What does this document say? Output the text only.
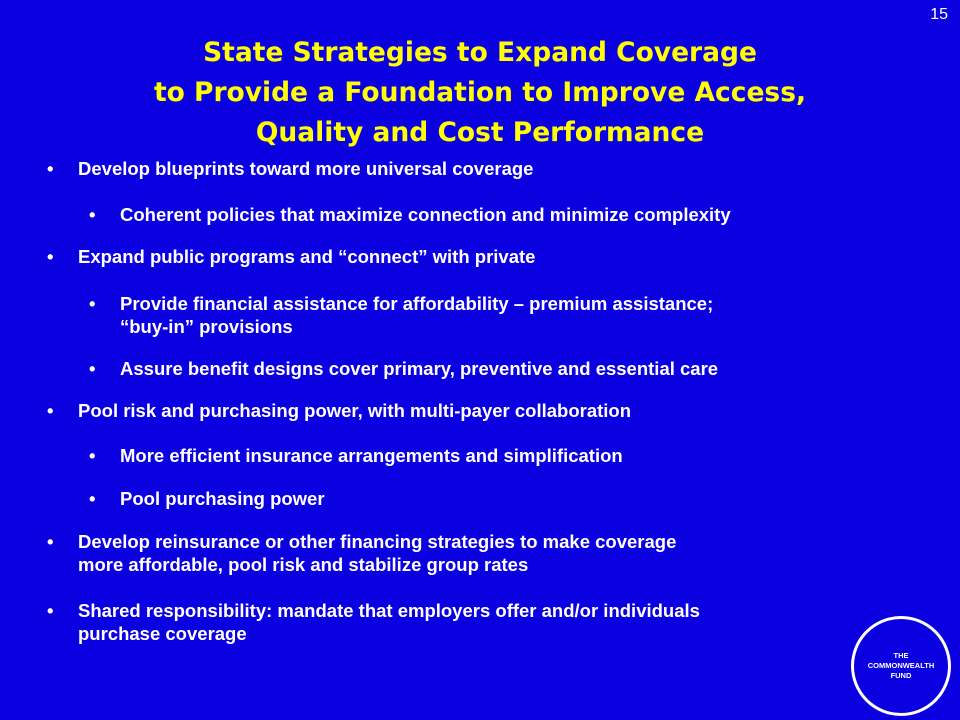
15
State Strategies to Expand Coverage
to Provide a Foundation to Improve Access,
Quality and Cost Performance
• Develop blueprints toward more universal coverage
• Coherent policies that maximize connection and minimize complexity
• Expand public programs and “connect” with private
• Provide financial assistance for affordability – premium assistance;
“buy-in” provisions
• Assure benefit designs cover primary, preventive and essential care
• Pool risk and purchasing power, with multi-payer collaboration
• More efficient insurance arrangements and simplification
• Pool purchasing power
• Develop reinsurance or other financing strategies to make coverage
more affordable, pool risk and stabilize group rates
• Shared responsibility: mandate that employers offer and/or individuals
purchase coverage
THE
COMMONWEALTH
FUND
